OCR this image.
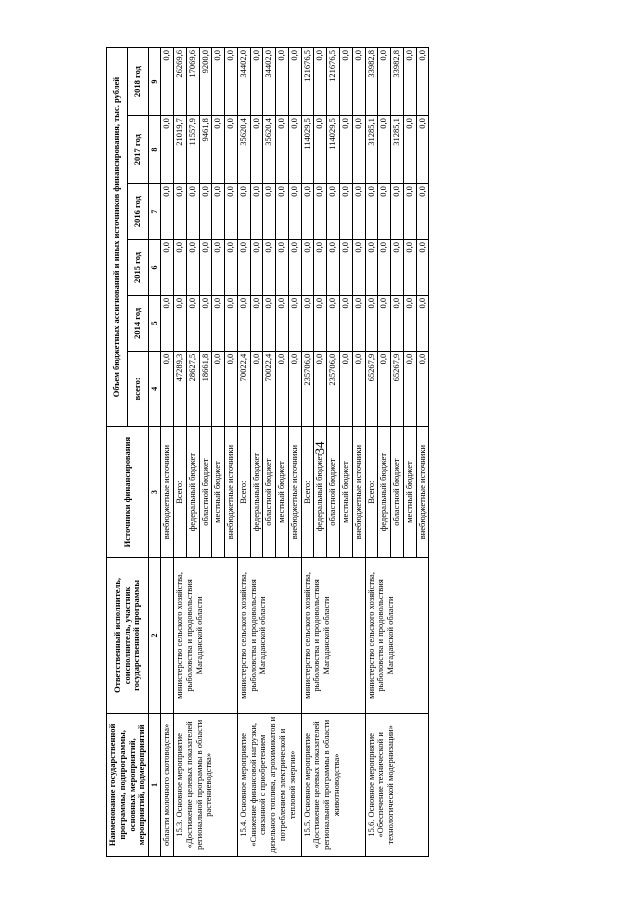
34
Наименование государственной программы, подпрограммы, основных мероприятий, мероприятий, подмероприятий	Ответственный исполнитель, соисполнитель, участник государственной программы	Источники финансирования	Объем бюджетных ассигнований и иных источников финансирования, тыс. рублей					
			всего:	2014 год	2015 год	2016 год	2017 год	2018 год
1	2	3	4	5	6	7	8	9
области молочного скотоводства»		внебюджетные источники	0,0	0,0	0,0	0,0	0,0	0,0
15.3. Основное мероприятие «Достижение целевых показателей региональной программы в области растениеводства»	министерство сельского хозяйства, рыболовства и продовольствия Магаданской области	Всего:	47289,3	0,0	0,0	0,0	21019,7	26269,6
		федеральный бюджет	28627,5	0,0	0,0	0,0	11557,9	17069,6
		областной бюджет	18661,8	0,0	0,0	0,0	9461,8	9200,0
		местный бюджет	0,0	0,0	0,0	0,0	0,0	0,0
		внебюджетные источники	0,0	0,0	0,0	0,0	0,0	0,0
15.4. Основное мероприятие «Снижение финансовой нагрузки, связанной с приобретением дизельного топлива, агрохимикатов и потреблением электрической и тепловой энергии»	министерство сельского хозяйства, рыболовства и продовольствия Магаданской области	Всего:	70022,4	0,0	0,0	0,0	35620,4	34402,0
		федеральный бюджет	0,0	0,0	0,0	0,0	0,0	0,0
		областной бюджет	70022,4	0,0	0,0	0,0	35620,4	34402,0
		местный бюджет	0,0	0,0	0,0	0,0	0,0	0,0
		внебюджетные источники	0,0	0,0	0,0	0,0	0,0	0,0
15.5. Основное мероприятие «Достижение целевых показателей региональной программы в области животноводства»	министерство сельского хозяйства, рыболовства и продовольствия Магаданской области	Всего:	235706,0	0,0	0,0	0,0	114029,5	121676,5
		федеральный бюджет	0,0	0,0	0,0	0,0	0,0	0,0
		областной бюджет	235706,0	0,0	0,0	0,0	114029,5	121676,5
		местный бюджет	0,0	0,0	0,0	0,0	0,0	0,0
		внебюджетные источники	0,0	0,0	0,0	0,0	0,0	0,0
15.6. Основное мероприятие «Обеспечение технической и технологической модернизации»	министерство сельского хозяйства, рыболовства и продовольствия Магаданской области	Всего:	65267,9	0,0	0,0	0,0	31285,1	33982,8
		федеральный бюджет	0,0	0,0	0,0	0,0	0,0	0,0
		областной бюджет	65267,9	0,0	0,0	0,0	31285,1	33982,8
		местный бюджет	0,0	0,0	0,0	0,0	0,0	0,0
		внебюджетные источники	0,0	0,0	0,0	0,0	0,0	0,0
